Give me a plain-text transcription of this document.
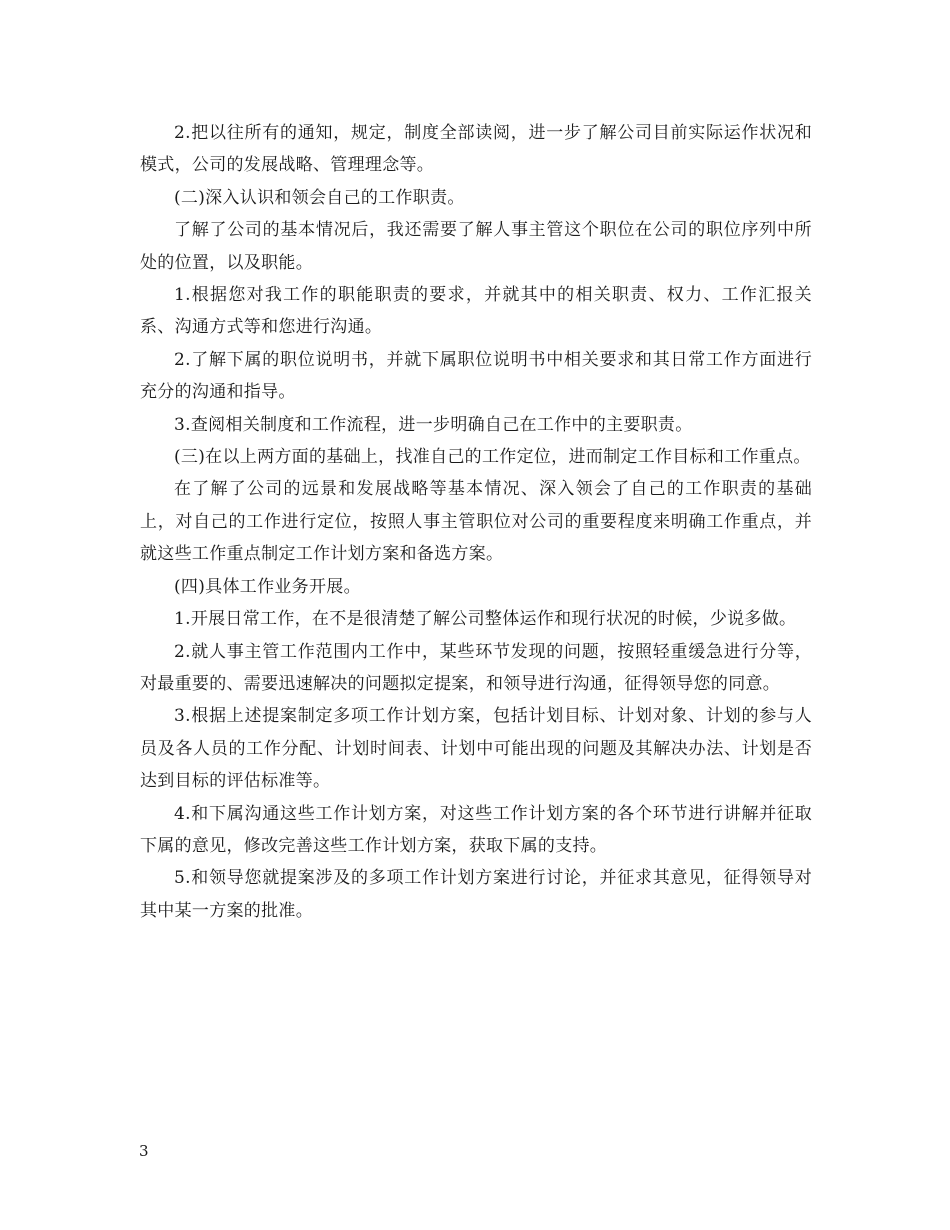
2.把以往所有的通知，规定，制度全部读阅，进一步了解公司目前实际运作状况和模式，公司的发展战略、管理理念等。

(二)深入认识和领会自己的工作职责。

了解了公司的基本情况后，我还需要了解人事主管这个职位在公司的职位序列中所处的位置，以及职能。

1.根据您对我工作的职能职责的要求，并就其中的相关职责、权力、工作汇报关系、沟通方式等和您进行沟通。

2.了解下属的职位说明书，并就下属职位说明书中相关要求和其日常工作方面进行充分的沟通和指导。

3.查阅相关制度和工作流程，进一步明确自己在工作中的主要职责。

(三)在以上两方面的基础上，找准自己的工作定位，进而制定工作目标和工作重点。

在了解了公司的远景和发展战略等基本情况、深入领会了自己的工作职责的基础上，对自己的工作进行定位，按照人事主管职位对公司的重要程度来明确工作重点，并就这些工作重点制定工作计划方案和备选方案。

(四)具体工作业务开展。

1.开展日常工作，在不是很清楚了解公司整体运作和现行状况的时候，少说多做。

2.就人事主管工作范围内工作中，某些环节发现的问题，按照轻重缓急进行分等， 对最重要的、需要迅速解决的问题拟定提案，和领导进行沟通，征得领导您的同意。

3.根据上述提案制定多项工作计划方案，包括计划目标、计划对象、计划的参与人员及各人员的工作分配、计划时间表、计划中可能出现的问题及其解决办法、计划是否达到目标的评估标准等。

4.和下属沟通这些工作计划方案，对这些工作计划方案的各个环节进行讲解并征取下属的意见，修改完善这些工作计划方案，获取下属的支持。

5.和领导您就提案涉及的多项工作计划方案进行讨论，并征求其意见，征得领导对其中某一方案的批准。

3
